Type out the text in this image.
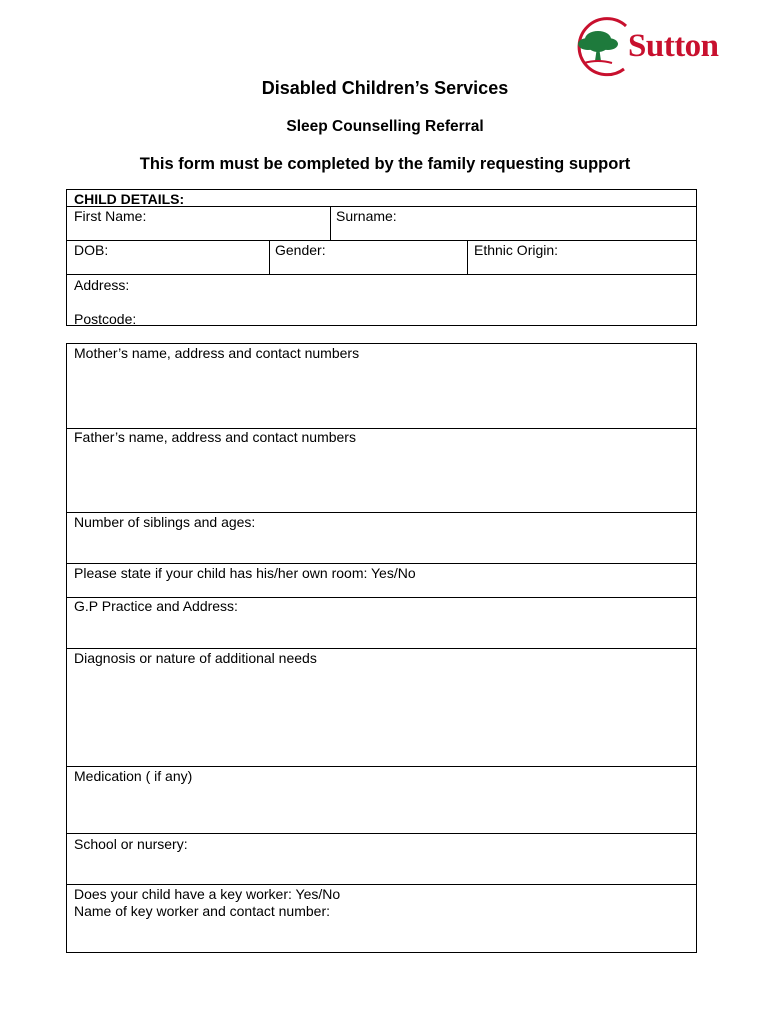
Sutton
Disabled Children’s Services
Sleep Counselling Referral
This form must be completed by the family requesting support
CHILD DETAILS:
First Name:	Surname:
DOB:	Gender:	Ethnic Origin:
Address:
Postcode:
Mother’s name, address and contact numbers
Father’s name, address and contact numbers
Number of siblings and ages:
Please state if your child has his/her own room: Yes/No
G.P Practice and Address:
Diagnosis or nature of additional needs
Medication ( if any)
School or nursery:
Does your child have a key worker: Yes/No
Name of key worker and contact number:
